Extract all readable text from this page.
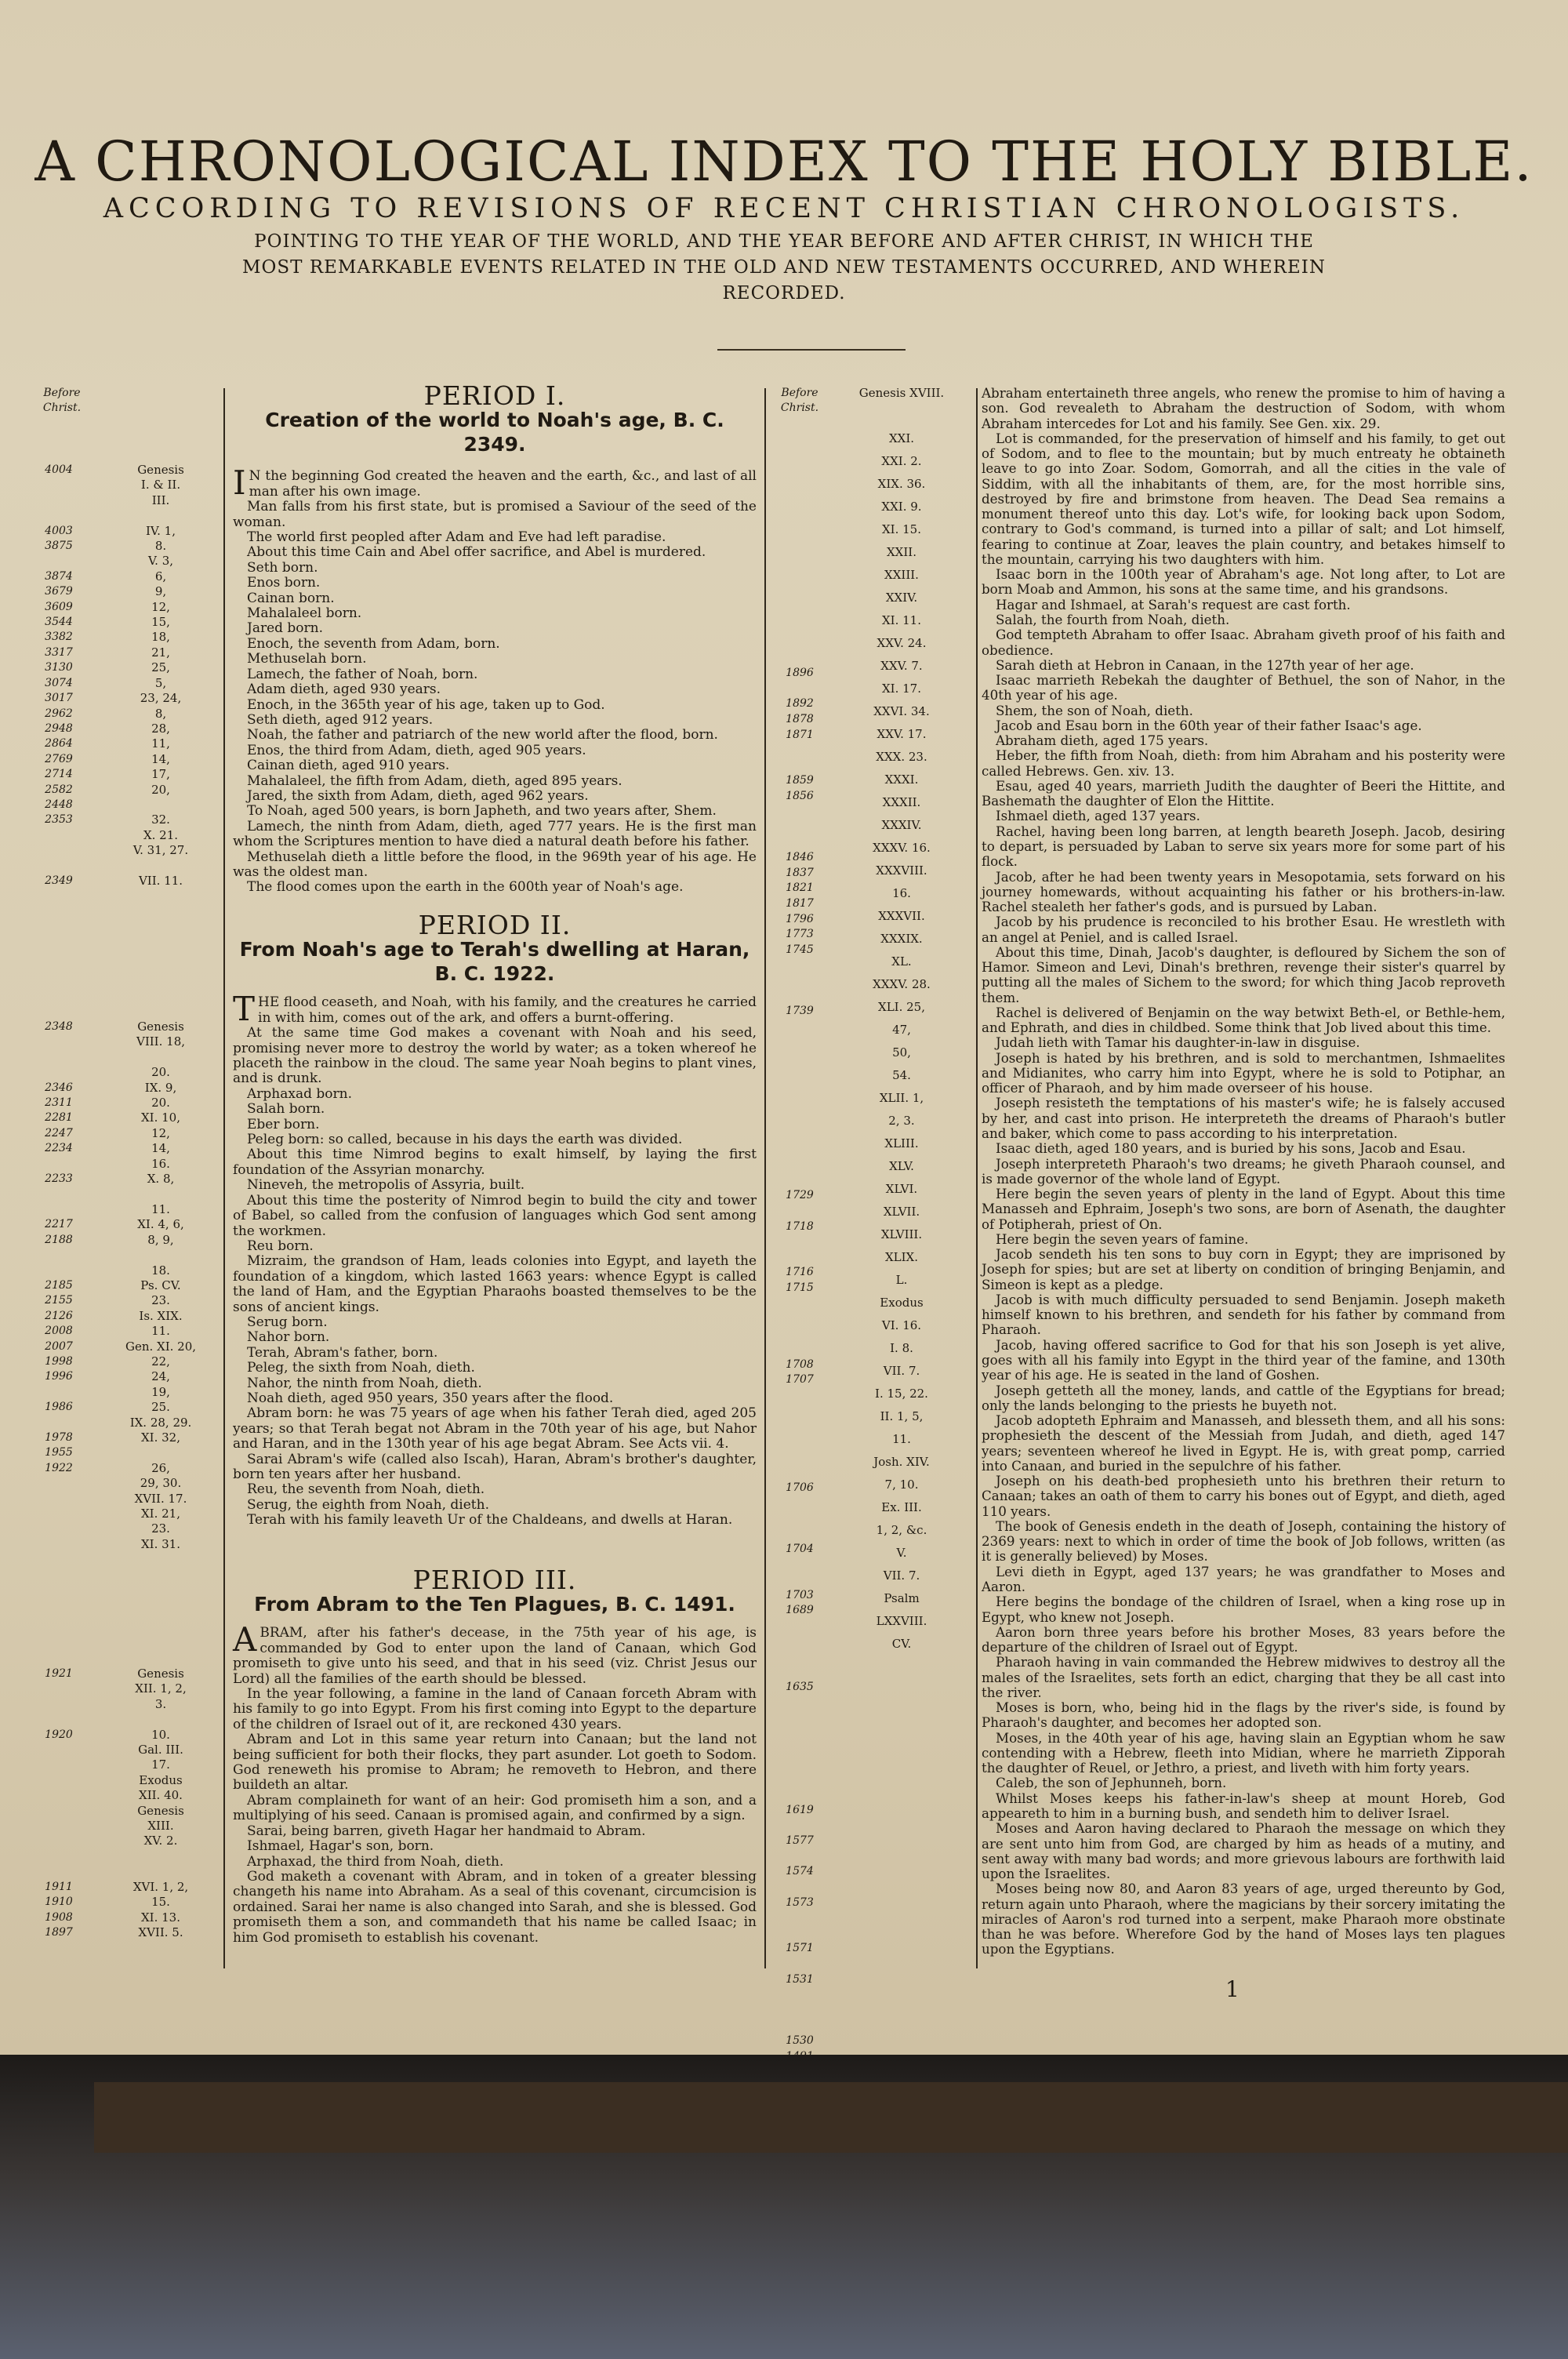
A CHRONOLOGICAL INDEX TO THE HOLY BIBLE.
ACCORDING TO REVISIONS OF RECENT CHRISTIAN CHRONOLOGISTS.
POINTING TO THE YEAR OF THE WORLD, AND THE YEAR BEFORE AND AFTER CHRIST, IN WHICH THE MOST REMARKABLE EVENTS RELATED IN THE OLD AND NEW TESTAMENTS OCCURRED, AND WHEREIN RECORDED.
Before Christ.
4004

4003
3875

3874
3679
3609
3544
3382
3317
3130
3074
3017
2962
2948
2864
2769
2714
2582
2448
2353

2349
Genesis
I. & II.
III.

IV. 1,
8.
V. 3,
6,
9,
12,
15,
18,
21,
25,
5,
23, 24,
8,
28,
11,
14,
17,
20,

32.
X. 21.
V. 31, 27.

VII. 11.
2348

2346
2311
2281
2247
2234

2233

2217
2188

2185
2155
2126
2008
2007
1998
1996

1986

1978
1955
1922
Genesis
VIII. 18,

20.
IX. 9,
20.
XI. 10,
12,
14,
16.
X. 8,

11.
XI. 4, 6,
8, 9,

18.
Ps. CV.
23.
Is. XIX.
11.
Gen. XI. 20,
22,
24,
19,
25.
IX. 28, 29.
XI. 32,

26,
29, 30.
XVII. 17.
XI. 21,
23.
XI. 31.
1921

1920

1911
1910
1908
1897
Genesis
XII. 1, 2,
3.

10.
Gal. III.
17.
Exodus
XII. 40.
Genesis
XIII.
XV. 2.

XVI. 1, 2,
15.
XI. 13.
XVII. 5.

PERIOD I.

Creation of the world to Noah's age, B. C. 2349.

IN the beginning God created the heaven and the earth, &c., and last of all man after his own image.

Man falls from his first state, but is promised a Saviour of the seed of the woman.

The world first peopled after Adam and Eve had left paradise.

About this time Cain and Abel offer sacrifice, and Abel is murdered.

Seth born.

Enos born.

Cainan born.

Mahalaleel born.

Jared born.

Enoch, the seventh from Adam, born.

Methuselah born.

Lamech, the father of Noah, born.

Adam dieth, aged 930 years.

Enoch, in the 365th year of his age, taken up to God.

Seth dieth, aged 912 years.

Noah, the father and patriarch of the new world after the flood, born.

Enos, the third from Adam, dieth, aged 905 years.

Cainan dieth, aged 910 years.

Mahalaleel, the fifth from Adam, dieth, aged 895 years.

Jared, the sixth from Adam, dieth, aged 962 years.

To Noah, aged 500 years, is born Japheth, and two years after, Shem.

Lamech, the ninth from Adam, dieth, aged 777 years. He is the first man whom the Scriptures mention to have died a natural death before his father.

Methuselah dieth a little before the flood, in the 969th year of his age. He was the oldest man.

The flood comes upon the earth in the 600th year of Noah's age.

PERIOD II.

From Noah's age to Terah's dwelling at Haran, B. C. 1922.

THE flood ceaseth, and Noah, with his family, and the creatures he carried in with him, comes out of the ark, and offers a burnt-offering.

At the same time God makes a covenant with Noah and his seed, promising never more to destroy the world by water; as a token whereof he placeth the rainbow in the cloud. The same year Noah begins to plant vines, and is drunk.

Arphaxad born.

Salah born.

Eber born.

Peleg born: so called, because in his days the earth was divided.

About this time Nimrod begins to exalt himself, by laying the first foundation of the Assyrian monarchy.

Nineveh, the metropolis of Assyria, built.

About this time the posterity of Nimrod begin to build the city and tower of Babel, so called from the confusion of languages which God sent among the workmen.

Reu born.

Mizraim, the grandson of Ham, leads colonies into Egypt, and layeth the foundation of a kingdom, which lasted 1663 years: whence Egypt is called the land of Ham, and the Egyptian Pharaohs boasted themselves to be the sons of ancient kings.

Serug born.

Nahor born.

Terah, Abram's father, born.

Peleg, the sixth from Noah, dieth.

Nahor, the ninth from Noah, dieth.

Noah dieth, aged 950 years, 350 years after the flood.

Abram born: he was 75 years of age when his father Terah died, aged 205 years; so that Terah begat not Abram in the 70th year of his age, but Nahor and Haran, and in the 130th year of his age begat Abram. See Acts vii. 4.

Sarai Abram's wife (called also Iscah), Haran, Abram's brother's daughter, born ten years after her husband.

Reu, the seventh from Noah, dieth.

Serug, the eighth from Noah, dieth.

Terah with his family leaveth Ur of the Chaldeans, and dwells at Haran.

PERIOD III.

From Abram to the Ten Plagues, B. C. 1491.

ABRAM, after his father's decease, in the 75th year of his age, is commanded by God to enter upon the land of Canaan, which God promiseth to give unto his seed, and that in his seed (viz. Christ Jesus our Lord) all the families of the earth should be blessed.

In the year following, a famine in the land of Canaan forceth Abram with his family to go into Egypt. From his first coming into Egypt to the departure of the children of Israel out of it, are reckoned 430 years.

Abram and Lot in this same year return into Canaan; but the land not being sufficient for both their flocks, they part asunder. Lot goeth to Sodom. God reneweth his promise to Abram; he removeth to Hebron, and there buildeth an altar.

Abram complaineth for want of an heir: God promiseth him a son, and a multiplying of his seed. Canaan is promised again, and confirmed by a sign.

Sarai, being barren, giveth Hagar her handmaid to Abram.

Ishmael, Hagar's son, born.

Arphaxad, the third from Noah, dieth.

God maketh a covenant with Abram, and in token of a greater blessing changeth his name into Abraham. As a seal of this covenant, circumcision is ordained. Sarai her name is also changed into Sarah, and she is blessed. God promiseth them a son, and commandeth that his name be called Isaac; in him God promiseth to establish his covenant.

Before Christ.
Genesis XVIII.

1896

1892
1878
1871

1859
1856

1846
1837
1821
1817
1796
1773
1745

1739

1729

1718

1716
1715

1708
1707

1706

1704

1703
1689

1635

1619

1577

1574

1573

1571

1531

1530
XXI.
XXI. 2.
XIX. 36.
XXI. 9.
XI. 15.
XXII.
XXIII.
XXIV.
XI. 11.
XXV. 24.
XXV. 7.
XI. 17.
XXVI. 34.
XXV. 17.
XXX. 23.
XXXI.
XXXII.
XXXIV.
XXXV. 16.
XXXVIII.
16.
XXXVII.
XXXIX.
XL.
XXXV. 28.
XLI. 25,
47,
50,
54.
XLII. 1,
2, 3.
XLIII.
XLV.
XLVI.
XLVII.
XLVIII.
XLIX.
L.
Exodus
VI. 16.
I. 8.
VII. 7.
I. 15, 22.
II. 1, 5,
11.
Josh. XIV.
7, 10.
Ex. III.
1, 2, &c.
V.
VII. 7.
Psalm
LXXVIII.
CV.

Abraham entertaineth three angels, who renew the promise to him of having a son. God revealeth to Abraham the destruction of Sodom, with whom Abraham intercedes for Lot and his family. See Gen. xix. 29.

Lot is commanded, for the preservation of himself and his family, to get out of Sodom, and to flee to the mountain; but by much entreaty he obtaineth leave to go into Zoar. Sodom, Gomorrah, and all the cities in the vale of Siddim, with all the inhabitants of them, are, for the most horrible sins, destroyed by fire and brimstone from heaven. The Dead Sea remains a monument thereof unto this day. Lot's wife, for looking back upon Sodom, contrary to God's command, is turned into a pillar of salt; and Lot himself, fearing to continue at Zoar, leaves the plain country, and betakes himself to the mountain, carrying his two daughters with him.

Isaac born in the 100th year of Abraham's age. Not long after, to Lot are born Moab and Ammon, his sons at the same time, and his grandsons.

Hagar and Ishmael, at Sarah's request are cast forth.

Salah, the fourth from Noah, dieth.

God tempteth Abraham to offer Isaac. Abraham giveth proof of his faith and obedience.

Sarah dieth at Hebron in Canaan, in the 127th year of her age.

Isaac marrieth Rebekah the daughter of Bethuel, the son of Nahor, in the 40th year of his age.

Shem, the son of Noah, dieth.

Jacob and Esau born in the 60th year of their father Isaac's age.

Abraham dieth, aged 175 years.

Heber, the fifth from Noah, dieth: from him Abraham and his posterity were called Hebrews. Gen. xiv. 13.

Esau, aged 40 years, marrieth Judith the daughter of Beeri the Hittite, and Bashemath the daughter of Elon the Hittite.

Ishmael dieth, aged 137 years.

Rachel, having been long barren, at length beareth Joseph. Jacob, desiring to depart, is persuaded by Laban to serve six years more for some part of his flock.

Jacob, after he had been twenty years in Mesopotamia, sets forward on his journey homewards, without acquainting his father or his brothers-in-law. Rachel stealeth her father's gods, and is pursued by Laban.

Jacob by his prudence is reconciled to his brother Esau. He wrestleth with an angel at Peniel, and is called Israel.

About this time, Dinah, Jacob's daughter, is defloured by Sichem the son of Hamor. Simeon and Levi, Dinah's brethren, revenge their sister's quarrel by putting all the males of Sichem to the sword; for which thing Jacob reproveth them.

Rachel is delivered of Benjamin on the way betwixt Beth-el, or Bethle-hem, and Ephrath, and dies in childbed. Some think that Job lived about this time.

Judah lieth with Tamar his daughter-in-law in disguise.

Joseph is hated by his brethren, and is sold to merchantmen, Ishmaelites and Midianites, who carry him into Egypt, where he is sold to Potiphar, an officer of Pharaoh, and by him made overseer of his house.

Joseph resisteth the temptations of his master's wife; he is falsely accused by her, and cast into prison. He interpreteth the dreams of Pharaoh's butler and baker, which come to pass according to his interpretation.

Isaac dieth, aged 180 years, and is buried by his sons, Jacob and Esau.

Joseph interpreteth Pharaoh's two dreams; he giveth Pharaoh counsel, and is made governor of the whole land of Egypt.

Here begin the seven years of plenty in the land of Egypt. About this time Manasseh and Ephraim, Joseph's two sons, are born of Asenath, the daughter of Potipherah, priest of On.

Here begin the seven years of famine.

Jacob sendeth his ten sons to buy corn in Egypt; they are imprisoned by Joseph for spies; but are set at liberty on condition of bringing Benjamin, and Simeon is kept as a pledge.

Jacob is with much difficulty persuaded to send Benjamin. Joseph maketh himself known to his brethren, and sendeth for his father by command from Pharaoh.

Jacob, having offered sacrifice to God for that his son Joseph is yet alive, goes with all his family into Egypt in the third year of the famine, and 130th year of his age. He is seated in the land of Goshen.

Joseph getteth all the money, lands, and cattle of the Egyptians for bread; only the lands belonging to the priests he buyeth not.

Jacob adopteth Ephraim and Manasseh, and blesseth them, and all his sons: prophesieth the descent of the Messiah from Judah, and dieth, aged 147 years; seventeen whereof he lived in Egypt. He is, with great pomp, carried into Canaan, and buried in the sepulchre of his father.

Joseph on his death-bed prophesieth unto his brethren their return to Canaan; takes an oath of them to carry his bones out of Egypt, and dieth, aged 110 years.

The book of Genesis endeth in the death of Joseph, containing the history of 2369 years: next to which in order of time the book of Job follows, written (as it is generally believed) by Moses.

Levi dieth in Egypt, aged 137 years; he was grandfather to Moses and Aaron.

Here begins the bondage of the children of Israel, when a king rose up in Egypt, who knew not Joseph.

Aaron born three years before his brother Moses, 83 years before the departure of the children of Israel out of Egypt.

Pharaoh having in vain commanded the Hebrew midwives to destroy all the males of the Israelites, sets forth an edict, charging that they be all cast into the river.

Moses is born, who, being hid in the flags by the river's side, is found by Pharaoh's daughter, and becomes her adopted son.

Moses, in the 40th year of his age, having slain an Egyptian whom he saw contending with a Hebrew, fleeth into Midian, where he marrieth Zipporah the daughter of Reuel, or Jethro, a priest, and liveth with him forty years.

Caleb, the son of Jephunneh, born.

Whilst Moses keeps his father-in-law's sheep at mount Horeb, God appeareth to him in a burning bush, and sendeth him to deliver Israel.

Moses and Aaron having declared to Pharaoh the message on which they are sent unto him from God, are charged by him as heads of a mutiny, and sent away with many bad words; and more grievous labours are forthwith laid upon the Israelites.

Moses being now 80, and Aaron 83 years of age, urged thereunto by God, return again unto Pharaoh, where the magicians by their sorcery imitating the miracles of Aaron's rod turned into a serpent, make Pharaoh more obstinate than he was before. Wherefore God by the hand of Moses lays ten plagues upon the Egyptians.

1
